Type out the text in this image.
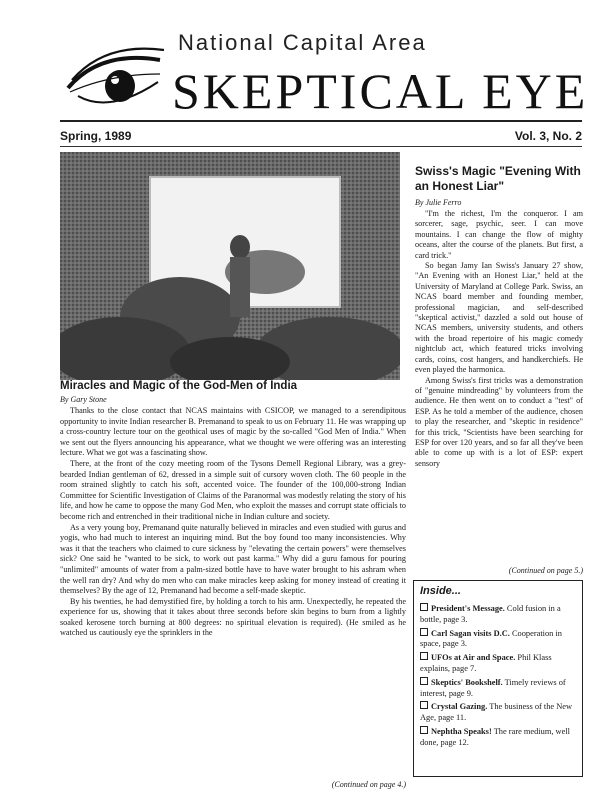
National Capital Area
SKEPTICAL EYE
Spring, 1989	Vol. 3, No. 2
Miracles and Magic of the God-Men of India
By Gary Stone

Thanks to the close contact that NCAS maintains with CSICOP, we managed to a serendipitous opportunity to invite Indian researcher B. Premanand to speak to us on February 11. He was wrapping up a cross-country lecture tour on the geothical uses of magic by the so-called "God Men of India." When we sent out the flyers announcing his appearance, what we thought we were offering was an interesting lecture. What we got was a fascinating show.

There, at the front of the cozy meeting room of the Tysons Demell Regional Library, was a grey-bearded Indian gentleman of 62, dressed in a simple suit of cursory woven cloth. The 60 people in the room strained slightly to catch his soft, accented voice. The founder of the 100,000-strong Indian Committee for Scientific Investigation of Claims of the Paranormal was modestly relating the story of his life, and how he came to oppose the many God Men, who exploit the masses and corrupt state officials to become rich and entrenched in their traditional niche in Indian culture and society.

As a very young boy, Premanand quite naturally believed in miracles and even studied with gurus and yogis, who had much to interest an inquiring mind. But the boy found too many inconsistencies. Why was it that the teachers who claimed to cure sickness by "elevating the certain powers" were themselves sick? One said he "wanted to be sick, to work out past karma." Why did a guru famous for pouring "unlimited" amounts of water from a palm-sized bottle have to have water brought to his ashram when the well ran dry? And why do men who can make miracles keep asking for money instead of creating it themselves? By the age of 12, Premanand had become a self-made skeptic.

By his twenties, he had demystified fire, by holding a torch to his arm. Unexpectedly, he repeated the experience for us, showing that it takes about three seconds before skin begins to burn from a lightly soaked kerosene torch burning at 800 degrees: no spiritual elevation is required). (He smiled as he watched us cautiously eye the sprinklers in the

(Continued on page 4.)
Swiss's Magic "Evening With an Honest Liar"
By Julie Ferro

"I'm the richest, I'm the conqueror. I am sorcerer, sage, psychic, seer. I can move mountains. I can change the flow of mighty oceans, alter the course of the planets. But first, a card trick."

So began Jamy Ian Swiss's January 27 show, "An Evening with an Honest Liar," held at the University of Maryland at College Park. Swiss, an NCAS board member and founding member, professional magician, and self-described "skeptical activist," dazzled a sold out house of NCAS members, university students, and others with the broad repertoire of his magic comedy nightclub act, which featured tricks involving cards, coins, cost hangers, and handkerchiefs. He even played the harmonica.

Among Swiss's first tricks was a demonstration of "genuine mindreading" by volunteers from the audience. He then went on to conduct a "test" of ESP. As he told a member of the audience, chosen to play the researcher, and "skeptic in residence" for this trick, "Scientists have been searching for ESP for over 120 years, and so far all they've been able to come up with is a lot of ESP: expert sensory

(Continued on page 5.)
Inside...
President's Message. Cold fusion in a bottle, page 3.
Carl Sagan visits D.C. Cooperation in space, page 3.
UFOs at Air and Space. Phil Klass explains, page 7.
Skeptics' Bookshelf. Timely reviews of interest, page 9.
Crystal Gazing. The business of the New Age, page 11.
Nephtha Speaks! The rare medium, well done, page 12.
